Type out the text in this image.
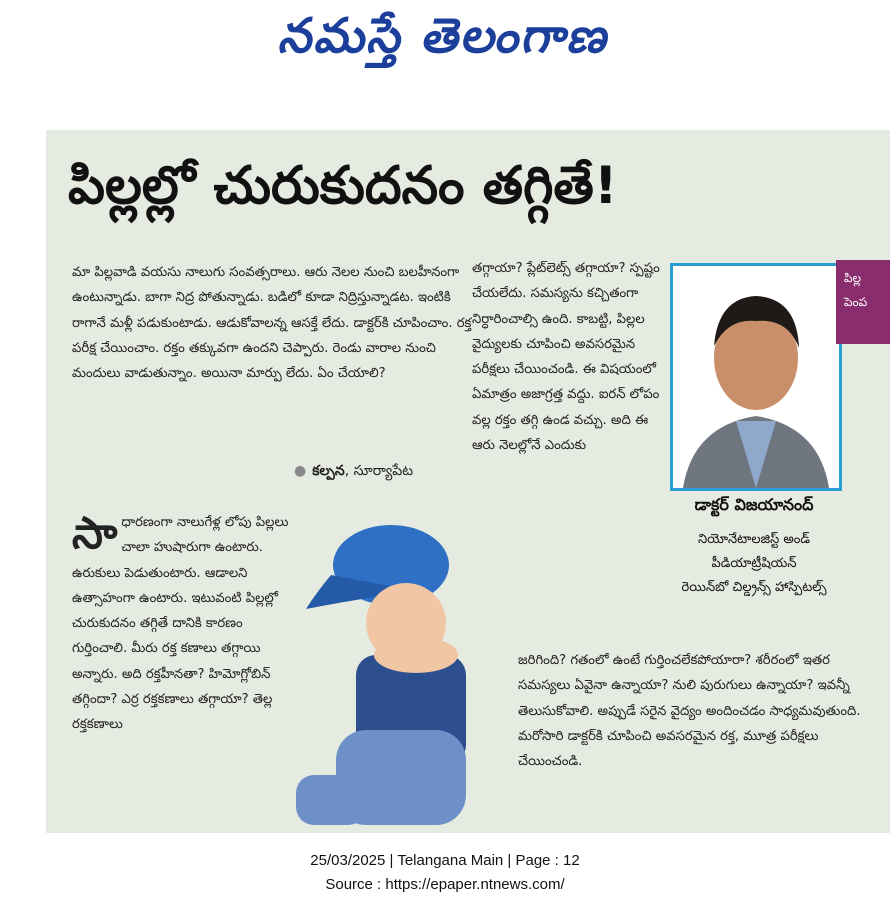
నమస్తే తెలంగాణ
పిల్లల్లో చురుకుదనం తగ్గితే!

మా పిల్లవాడి వయసు నాలుగు సంవత్సరాలు. ఆరు నెలల నుంచి బలహీనంగా ఉంటున్నాడు. బాగా నిద్ర పోతున్నాడు. బడిలో కూడా నిద్రిస్తున్నాడట. ఇంటికి రాగానే మళ్లీ పడుకుంటాడు. ఆడుకోవాలన్న ఆసక్తే లేదు. డాక్టర్‌కి చూపించాం. రక్త పరీక్ష చేయించాం. రక్తం తక్కువగా ఉందని చెప్పారు. రెండు వారాల నుంచి మందులు వాడుతున్నాం. అయినా మార్పు లేదు. ఏం చేయాలి?

● కల్పన, సూర్యాపేట
సా ధారణంగా నాలుగేళ్ల లోపు పిల్లలు చాలా హుషారుగా ఉంటారు. ఉరుకులు పెడుతుంటారు. ఆడాలని ఉత్సాహంగా ఉంటారు. ఇటువంటి పిల్లల్లో చురుకుదనం తగ్గితే దానికి కారణం గుర్తించాలి. మీరు రక్త కణాలు తగ్గాయి అన్నారు. అది రక్తహీనతా? హిమోగ్లోబిన్ తగ్గిందా? ఎర్ర రక్తకణాలు తగ్గాయా? తెల్ల రక్తకణాలు

తగ్గాయా? ప్లేట్‌లెట్స్ తగ్గాయా? స్పష్టం చేయలేదు. సమస్యను కచ్చితంగా నిర్ధారించాల్సి ఉంది. కాబట్టి, పిల్లల వైద్యులకు చూపించి అవసరమైన పరీక్షలు చేయించండి. ఈ విషయంలో ఏమాత్రం అజాగ్రత్త వద్దు. ఐరన్ లోపం వల్ల రక్తం తగ్గి ఉండ వచ్చు. అది ఈ ఆరు నెలల్లోనే ఎందుకు

జరిగింది? గతంలో ఉంటే గుర్తించలేకపోయారా? శరీరంలో ఇతర సమస్యలు ఏవైనా ఉన్నాయా? నులి పురుగులు ఉన్నాయా? ఇవన్నీ తెలుసుకోవాలి. అప్పుడే సరైన వైద్యం అందించడం సాధ్యమవుతుంది. మరోసారి డాక్టర్‌కి చూపించి అవసరమైన రక్త, మూత్ర పరీక్షలు చేయించండి.

డాక్టర్ విజయానంద్
నియోనేటాలజిస్ట్ అండ్
పీడియాట్రీషియన్
రెయిన్‌బో చిల్డ్రన్స్ హాస్పిటల్స్
పిల్ల
పెంప
25/03/2025 | Telangana Main | Page : 12
Source : https://epaper.ntnews.com/
